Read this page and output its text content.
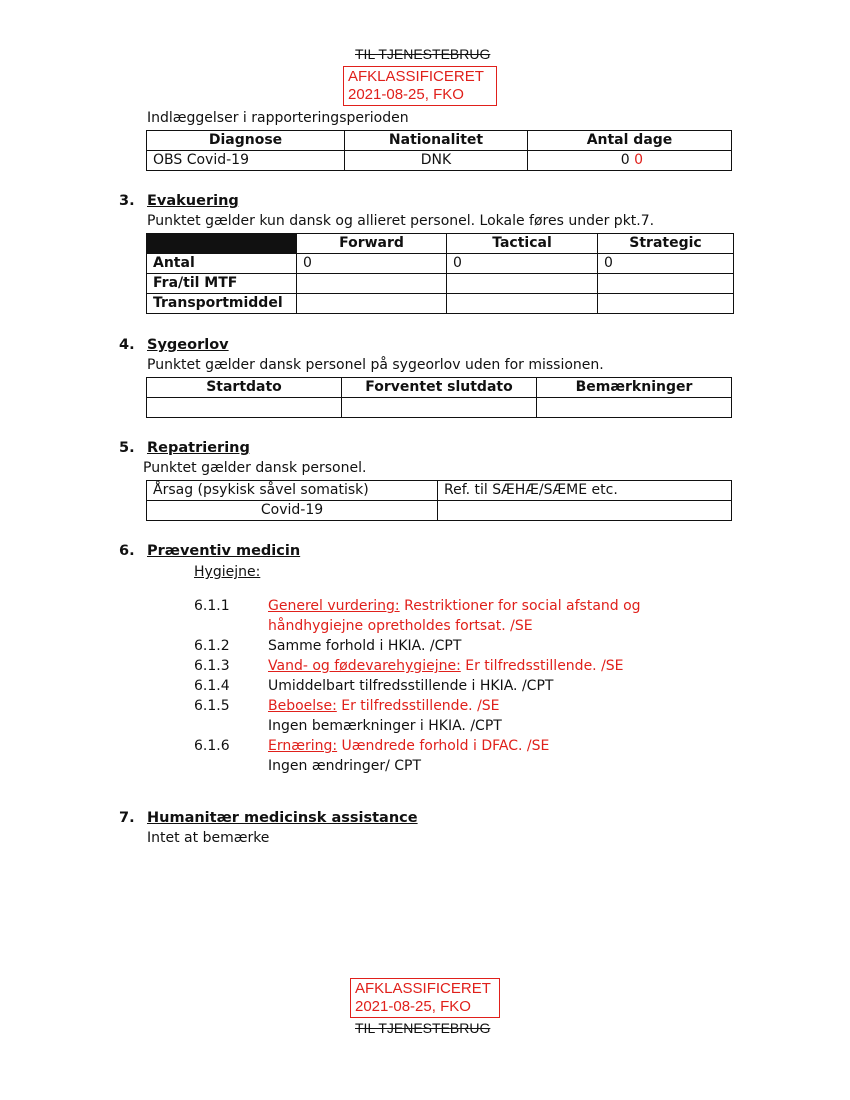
TIL TJENESTEBRUG
AFKLASSIFICERET
2021-08-25, FKO
Indlæggelser i rapporteringsperioden
Diagnose	Nationalitet	Antal dage
OBS Covid-19	DNK	0 0
3. Evakuering
Punktet gælder kun dansk og allieret personel. Lokale føres under pkt.7.
	Forward	Tactical	Strategic
Antal	0	0	0
Fra/til MTF			
Transportmiddel			
4. Sygeorlov
Punktet gælder dansk personel på sygeorlov uden for missionen.
Startdato	Forventet slutdato	Bemærkninger

5. Repatriering
Punktet gælder dansk personel.
Årsag (psykisk såvel somatisk)	Ref. til SÆHÆ/SÆME etc.
Covid-19	
6. Præventiv medicin
Hygiejne:
6.1.1	Generel vurdering: Restriktioner for social afstand og
håndhygiejne opretholdes fortsat. /SE
6.1.2	Samme forhold i HKIA. /CPT
6.1.3	Vand- og fødevarehygiejne: Er tilfredsstillende. /SE
6.1.4	Umiddelbart tilfredsstillende i HKIA. /CPT
6.1.5	Beboelse: Er tilfredsstillende. /SE
Ingen bemærkninger i HKIA. /CPT
6.1.6	Ernæring: Uændrede forhold i DFAC. /SE
Ingen ændringer/ CPT
7. Humanitær medicinsk assistance
Intet at bemærke
AFKLASSIFICERET
2021-08-25, FKO
TIL TJENESTEBRUG
